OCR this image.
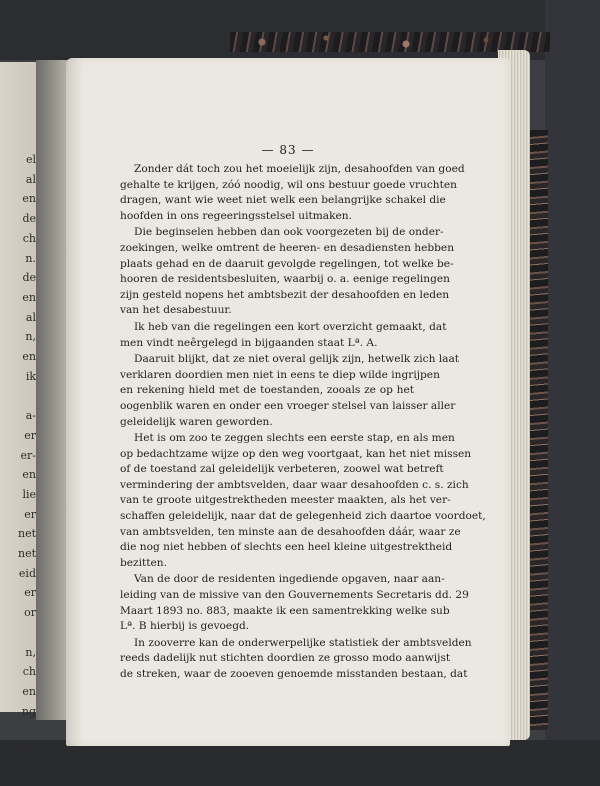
el
al
en
de
ch
n.
de
en
al
n,
en
ik

a-
er
er-
en
lie
er
net
net
eid
er
or

n,
ch
en
ng

ers
— 83 —
Zonder dát toch zou het moeielijk zijn, desahoofden van goed
gehalte te krijgen, zóó noodig, wil ons bestuur goede vruchten
dragen, want wie weet niet welk een belangrijke schakel die
hoofden in ons regeeringsstelsel uitmaken.
Die beginselen hebben dan ook voorgezeten bij de onder-
zoekingen, welke omtrent de heeren- en desadiensten hebben
plaats gehad en de daaruit gevolgde regelingen, tot welke be-
hooren de residentsbesluiten, waarbij o. a. eenige regelingen
zijn gesteld nopens het ambtsbezit der desahoofden en leden
van het desabestuur.
Ik heb van die regelingen een kort overzicht gemaakt, dat
men vindt neêrgelegd in bijgaanden staat Lª. A.
Daaruit blijkt, dat ze niet overal gelijk zijn, hetwelk zich laat
verklaren doordien men niet in eens te diep wilde ingrijpen
en rekening hield met de toestanden, zooals ze op het
oogenblik waren en onder een vroeger stelsel van laisser aller
geleidelijk waren geworden.
Het is om zoo te zeggen slechts een eerste stap, en als men
op bedachtzame wijze op den weg voortgaat, kan het niet missen
of de toestand zal geleidelijk verbeteren, zoowel wat betreft
vermindering der ambtsvelden, daar waar desahoofden c. s. zich
van te groote uitgestrektheden meester maakten, als het ver-
schaffen geleidelijk, naar dat de gelegenheid zich daartoe voordoet,
van ambtsvelden, ten minste aan de desahoofden dáár, waar ze
die nog niet hebben of slechts een heel kleine uitgestrektheid
bezitten.
Van de door de residenten ingediende opgaven, naar aan-
leiding van de missive van den Gouvernements Secretaris dd. 29
Maart 1893 no. 883, maakte ik een samentrekking welke sub
Lª. B hierbij is gevoegd.
In zooverre kan de onderwerpelijke statistiek der ambtsvelden
reeds dadelijk nut stichten doordien ze grosso modo aanwijst
de streken, waar de zooeven genoemde misstanden bestaan, dat
